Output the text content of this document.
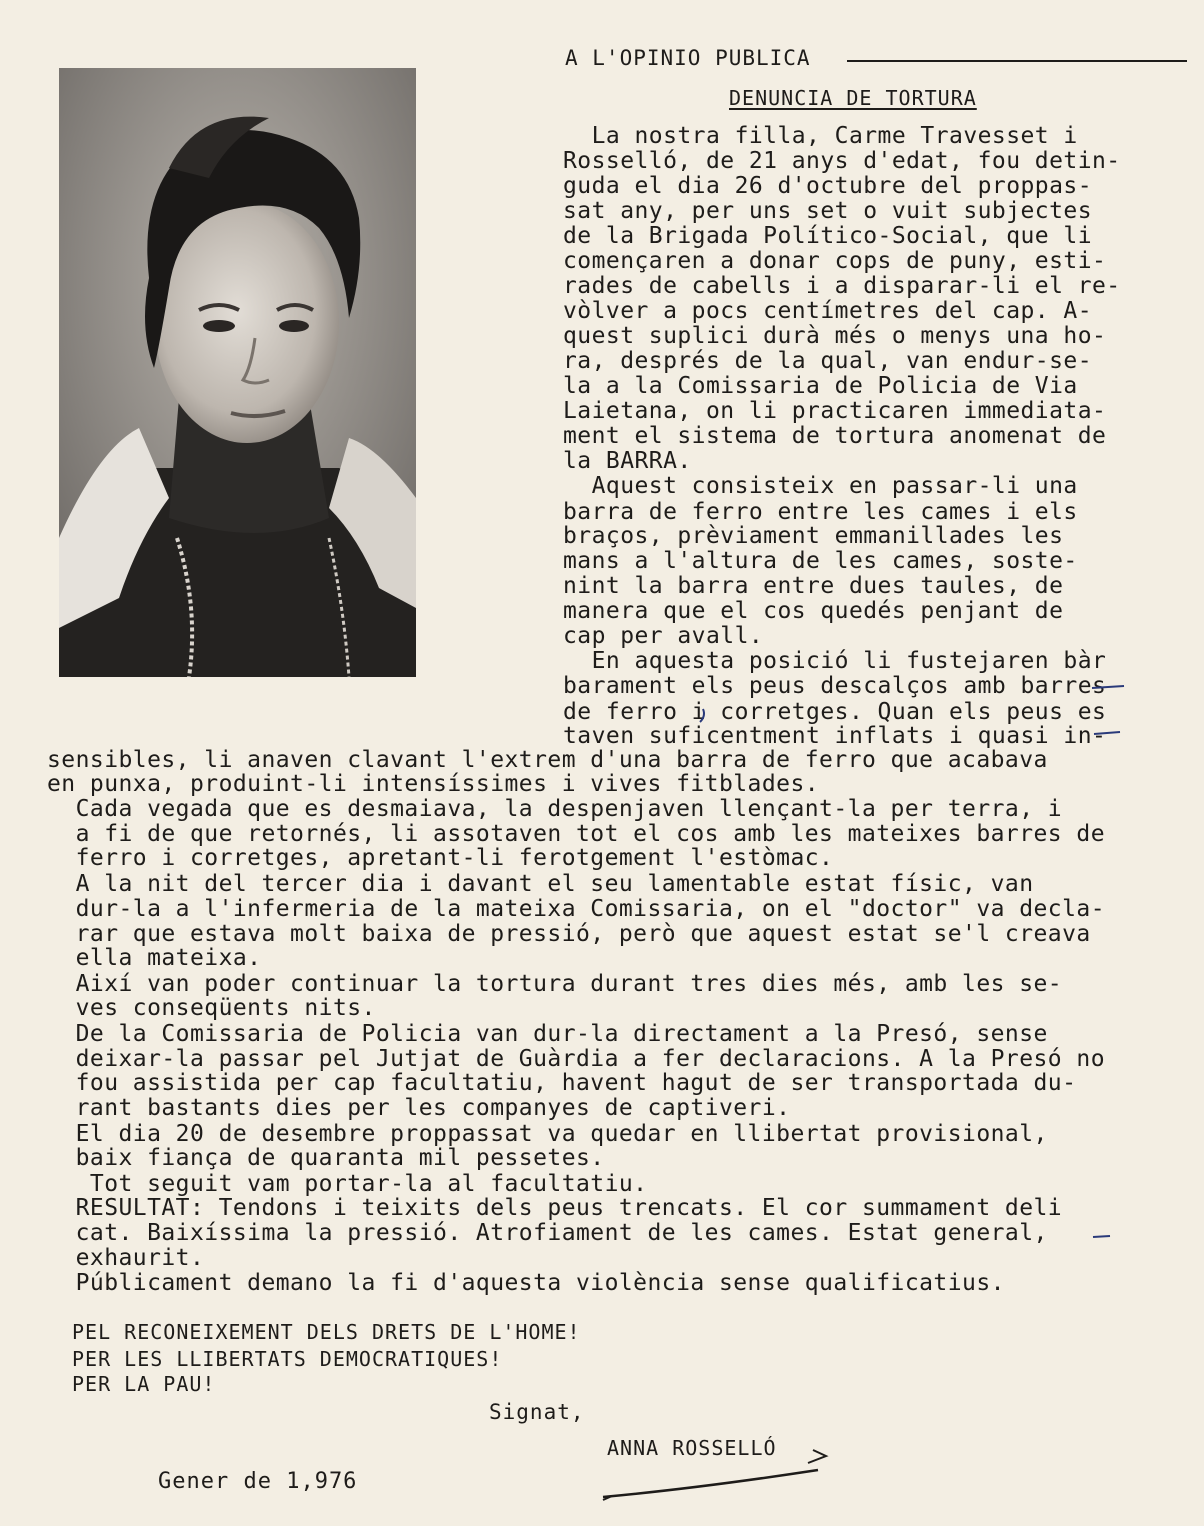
A L'OPINIO PUBLICA
DENUNCIA DE TORTURA
La nostra filla, Carme Travesset i
Rosselló, de 21 anys d'edat, fou detin-
guda el dia 26 d'octubre del proppas-
sat any, per uns set o vuit subjectes
de la Brigada Político-Social, que li
començaren a donar cops de puny, esti-
rades de cabells i a disparar-li el re-
vòlver a pocs centímetres del cap. A-
quest suplici durà més o menys una ho-
ra, després de la qual, van endur-se-
la a la Comissaria de Policia de Via
Laietana, on li practicaren immediata-
ment el sistema de tortura anomenat de
la BARRA.
Aquest consisteix en passar-li una
barra de ferro entre les cames i els
braços, prèviament emmanillades les
mans a l'altura de les cames, soste-
nint la barra entre dues taules, de
manera que el cos quedés penjant de
cap per avall.
En aquesta posició li fustejaren bàr
barament els peus descalços amb barres
de ferro i corretges. Quan els peus es
taven suficentment inflats i quasi in-
sensibles, li anaven clavant l'extrem d'una barra de ferro que acabava
en punxa, produint-li intensíssimes i vives fitblades.
Cada vegada que es desmaiava, la despenjaven llençant-la per terra, i
a fi de que retornés, li assotaven tot el cos amb les mateixes barres de
ferro i corretges, apretant-li ferotgement l'estòmac.
A la nit del tercer dia i davant el seu lamentable estat físic, van
dur-la a l'infermeria de la mateixa Comissaria, on el "doctor" va decla-
rar que estava molt baixa de pressió, però que aquest estat se'l creava
ella mateixa.
Així van poder continuar la tortura durant tres dies més, amb les se-
ves conseqüents nits.
De la Comissaria de Policia van dur-la directament a la Presó, sense
deixar-la passar pel Jutjat de Guàrdia a fer declaracions. A la Presó no
fou assistida per cap facultatiu, havent hagut de ser transportada du-
rant bastants dies per les companyes de captiveri.
El dia 20 de desembre proppassat va quedar en llibertat provisional,
baix fiança de quaranta mil pessetes.
Tot seguit vam portar-la al facultatiu.
RESULTAT: Tendons i teixits dels peus trencats. El cor summament deli
cat. Baixíssima la pressió. Atrofiament de les cames. Estat general,
exhaurit.
Públicament demano la fi d'aquesta violència sense qualificatius.
PEL RECONEIXEMENT DELS DRETS DE L'HOME!
PER LES LLIBERTATS DEMOCRATIQUES!
PER LA PAU!
Signat,
ANNA ROSSELLÓ
Gener de 1,976
